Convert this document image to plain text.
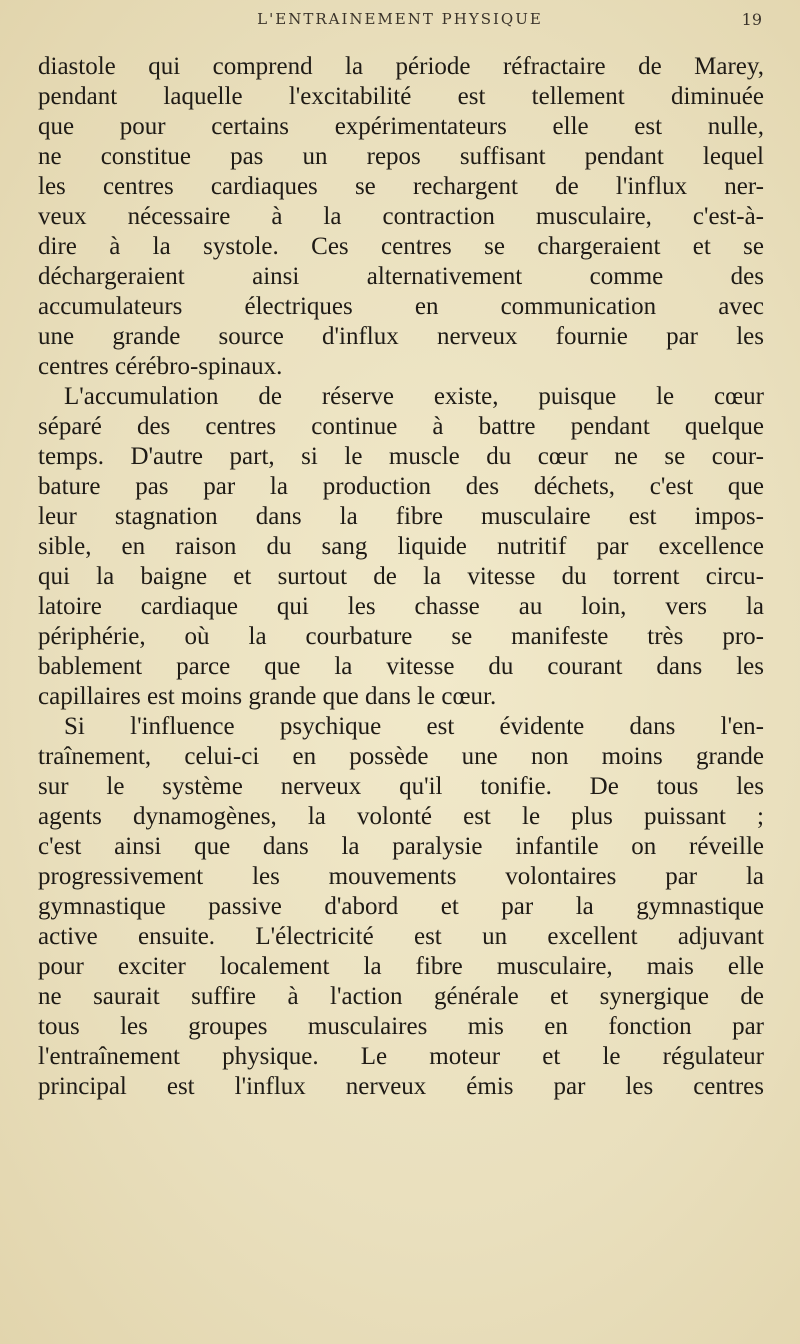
L'ENTRAINEMENT PHYSIQUE	19
diastole qui comprend la période réfractaire de Marey,
pendant laquelle l'excitabilité est tellement diminuée
que pour certains expérimentateurs elle est nulle,
ne constitue pas un repos suffisant pendant lequel
les centres cardiaques se rechargent de l'influx ner-
veux nécessaire à la contraction musculaire, c'est-à-
dire à la systole. Ces centres se chargeraient et se
déchargeraient ainsi alternativement comme des
accumulateurs électriques en communication avec
une grande source d'influx nerveux fournie par les
centres cérébro-spinaux.
L'accumulation de réserve existe, puisque le cœur
séparé des centres continue à battre pendant quelque
temps. D'autre part, si le muscle du cœur ne se cour-
bature pas par la production des déchets, c'est que
leur stagnation dans la fibre musculaire est impos-
sible, en raison du sang liquide nutritif par excellence
qui la baigne et surtout de la vitesse du torrent circu-
latoire cardiaque qui les chasse au loin, vers la
périphérie, où la courbature se manifeste très pro-
bablement parce que la vitesse du courant dans les
capillaires est moins grande que dans le cœur.
Si l'influence psychique est évidente dans l'en-
traînement, celui-ci en possède une non moins grande
sur le système nerveux qu'il tonifie. De tous les
agents dynamogènes, la volonté est le plus puissant ;
c'est ainsi que dans la paralysie infantile on réveille
progressivement les mouvements volontaires par la
gymnastique passive d'abord et par la gymnastique
active ensuite. L'électricité est un excellent adjuvant
pour exciter localement la fibre musculaire, mais elle
ne saurait suffire à l'action générale et synergique de
tous les groupes musculaires mis en fonction par
l'entraînement physique. Le moteur et le régulateur
principal est l'influx nerveux émis par les centres
